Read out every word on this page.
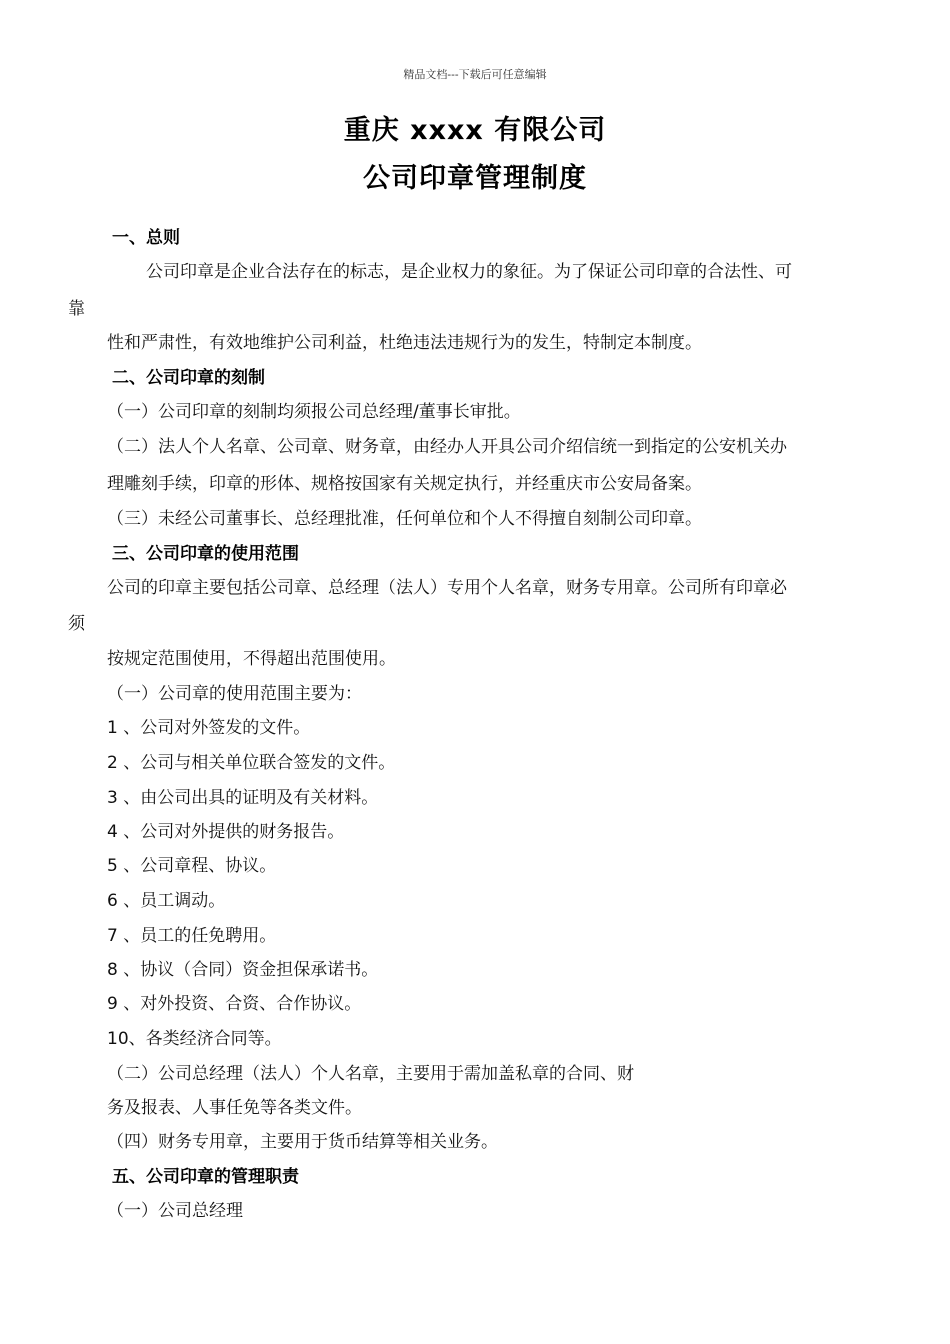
精品文档---下载后可任意编辑
重庆 xxxx 有限公司
公司印章管理制度
一、总则
公司印章是企业合法存在的标志，是企业权力的象征。为了保证公司印章的合法性、可
靠
性和严肃性，有效地维护公司利益，杜绝违法违规行为的发生，特制定本制度。
二、公司印章的刻制
（一）公司印章的刻制均须报公司总经理/董事长审批。
（二）法人个人名章、公司章、财务章，由经办人开具公司介绍信统一到指定的公安机关办
理雕刻手续，印章的形体、规格按国家有关规定执行，并经重庆市公安局备案。
（三）未经公司董事长、总经理批准，任何单位和个人不得擅自刻制公司印章。
三、公司印章的使用范围
公司的印章主要包括公司章、总经理（法人）专用个人名章，财务专用章。公司所有印章必
须
按规定范围使用，不得超出范围使用。
（一）公司章的使用范围主要为：
1 、公司对外签发的文件。
2 、公司与相关单位联合签发的文件。
3 、由公司出具的证明及有关材料。
4 、公司对外提供的财务报告。
5 、公司章程、协议。
6 、员工调动。
7 、员工的任免聘用。
8 、协议（合同）资金担保承诺书。
9 、对外投资、合资、合作协议。
10、各类经济合同等。
（二）公司总经理（法人）个人名章，主要用于需加盖私章的合同、财
务及报表、人事任免等各类文件。
（四）财务专用章，主要用于货币结算等相关业务。
五、公司印章的管理职责
（一）公司总经理
